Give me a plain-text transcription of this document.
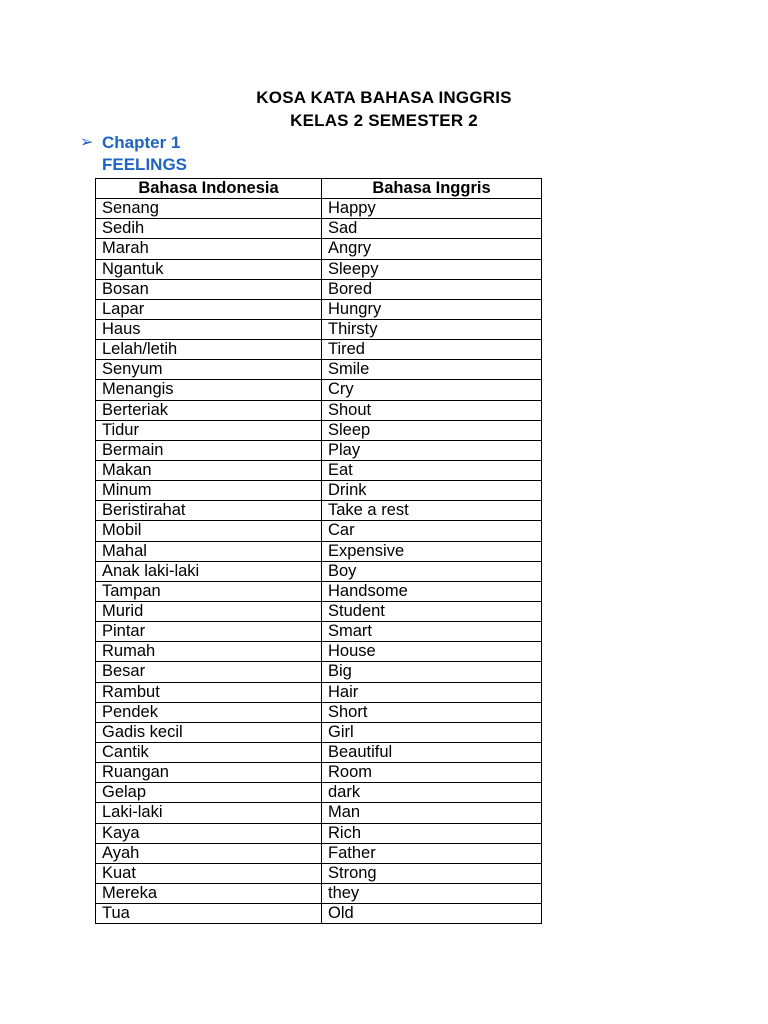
KOSA KATA BAHASA INGGRIS
KELAS 2 SEMESTER 2
➢ Chapter 1
FEELINGS
Bahasa Indonesia	Bahasa Inggris
Senang	Happy
Sedih	Sad
Marah	Angry
Ngantuk	Sleepy
Bosan	Bored
Lapar	Hungry
Haus	Thirsty
Lelah/letih	Tired
Senyum	Smile
Menangis	Cry
Berteriak	Shout
Tidur	Sleep
Bermain	Play
Makan	Eat
Minum	Drink
Beristirahat	Take a rest
Mobil	Car
Mahal	Expensive
Anak laki-laki	Boy
Tampan	Handsome
Murid	Student
Pintar	Smart
Rumah	House
Besar	Big
Rambut	Hair
Pendek	Short
Gadis kecil	Girl
Cantik	Beautiful
Ruangan	Room
Gelap	dark
Laki-laki	Man
Kaya	Rich
Ayah	Father
Kuat	Strong
Mereka	they
Tua	Old
